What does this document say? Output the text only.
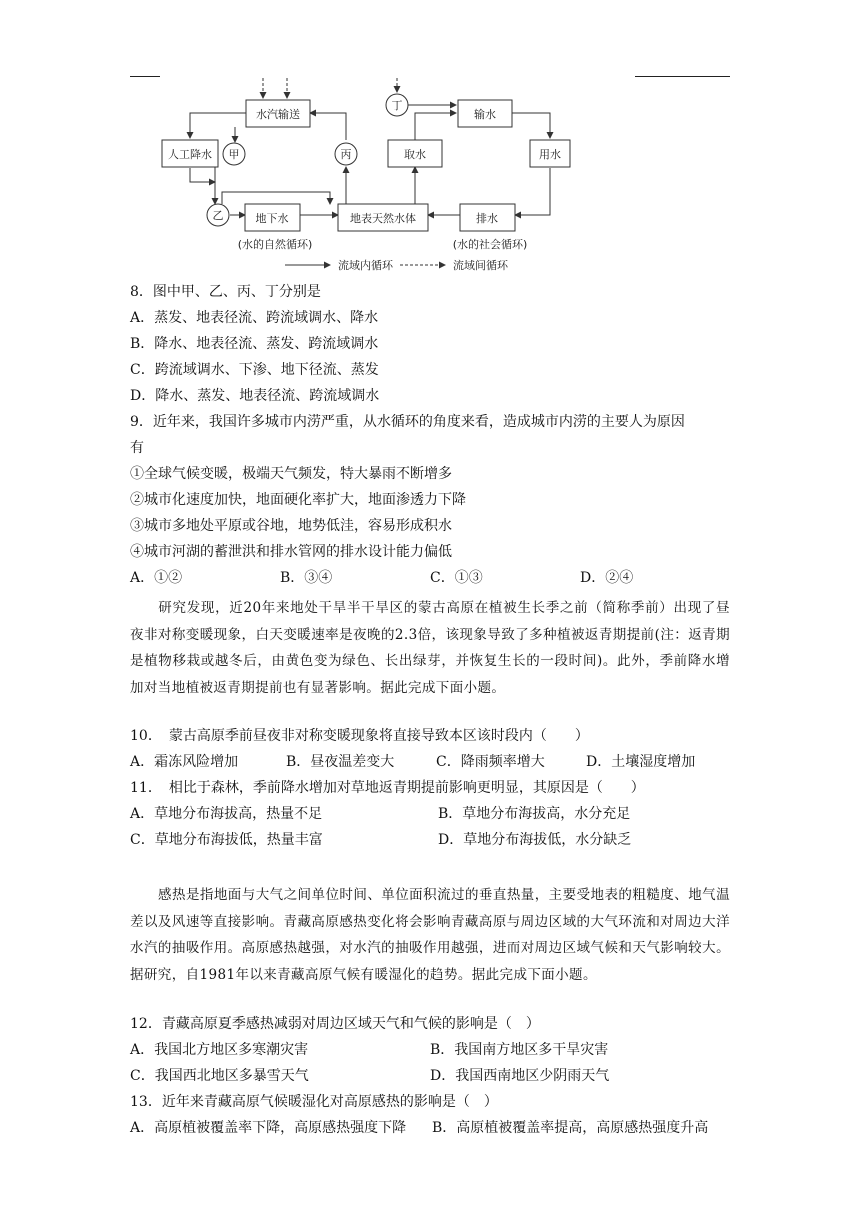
水汽输送
人工降水
地下水	地表天然水体
取水
输水
用水
排水
甲
乙
丙
丁
(水的自然循环)	(水的社会循环)
流域内循环	流域间循环
8．图中甲、乙、丙、丁分别是
A．蒸发、地表径流、跨流域调水、降水
B．降水、地表径流、蒸发、跨流域调水
C．跨流域调水、下渗、地下径流、蒸发
D．降水、蒸发、地表径流、跨流域调水
9．近年来，我国许多城市内涝严重，从水循环的角度来看，造成城市内涝的主要人为原因
有
①全球气候变暖，极端天气频发，特大暴雨不断增多
②城市化速度加快，地面硬化率扩大，地面渗透力下降
③城市多地处平原或谷地，地势低洼，容易形成积水
④城市河湖的蓄泄洪和排水管网的排水设计能力偏低
A．①②	B．③④	C．①③	D．②④
研究发现，近20年来地处干旱半干旱区的蒙古高原在植被生长季之前（简称季前）出现了昼夜非对称变暖现象，白天变暖速率是夜晚的2.3倍，该现象导致了多种植被返青期提前(注：返青期是植物移栽或越冬后，由黄色变为绿色、长出绿芽，并恢复生长的一段时间)。此外，季前降水增加对当地植被返青期提前也有显著影响。据此完成下面小题。
10．　蒙古高原季前昼夜非对称变暖现象将直接导致本区该时段内（　　）
A．霜冻风险增加	B．昼夜温差变大	C．降雨频率增大	D．土壤湿度增加
11．　相比于森林，季前降水增加对草地返青期提前影响更明显，其原因是（　　）
A．草地分布海拔高，热量不足	B．草地分布海拔高，水分充足
C．草地分布海拔低，热量丰富	D．草地分布海拔低，水分缺乏
感热是指地面与大气之间单位时间、单位面积流过的垂直热量，主要受地表的粗糙度、地气温差以及风速等直接影响。青藏高原感热变化将会影响青藏高原与周边区域的大气环流和对周边大洋水汽的抽吸作用。高原感热越强，对水汽的抽吸作用越强，进而对周边区域气候和天气影响较大。据研究，自1981年以来青藏高原气候有暖湿化的趋势。据此完成下面小题。
12．青藏高原夏季感热减弱对周边区域天气和气候的影响是（　）
A．我国北方地区多寒潮灾害	B．我国南方地区多干旱灾害
C．我国西北地区多暴雪天气	D．我国西南地区少阴雨天气
13．近年来青藏高原气候暖湿化对高原感热的影响是（　）
A．高原植被覆盖率下降，高原感热强度下降 B．高原植被覆盖率提高，高原感热强度升高
